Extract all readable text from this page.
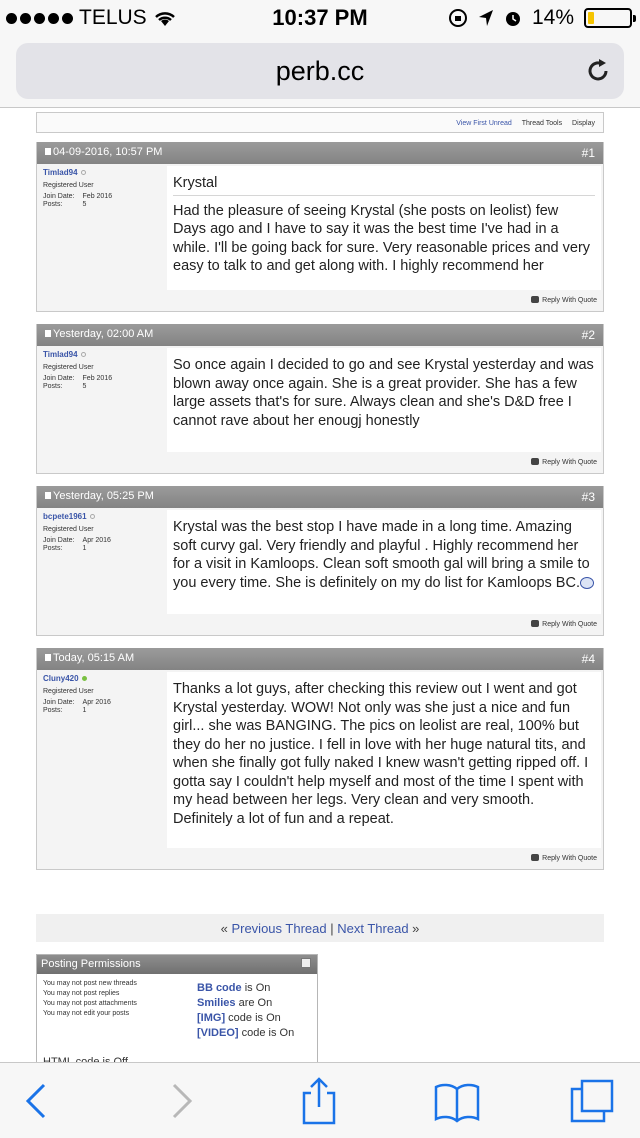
TELUS	10:37 PM	14%
perb.cc
View First Unread Thread Tools Display
04-09-2016, 10:57 PM	#1
Timlad94
Registered User
Join Date:	Feb 2016
Posts:	5
Krystal
Had the pleasure of seeing Krystal (she posts on leolist) few Days ago and I have to say it was the best time I've had in a while. I'll be going back for sure. Very reasonable prices and very easy to talk to and get along with. I highly recommend her
Reply With Quote
Yesterday, 02:00 AM	#2
Timlad94
Registered User
Join Date:	Feb 2016
Posts:	5
So once again I decided to go and see Krystal yesterday and was blown away once again. She is a great provider. She has a few large assets that's for sure. Always clean and she's D&D free I cannot rave about her enougj honestly
Reply With Quote
Yesterday, 05:25 PM	#3
bcpete1961
Registered User
Join Date:	Apr 2016
Posts:	1
Krystal was the best stop I have made in a long time. Amazing soft curvy gal. Very friendly and playful . Highly recommend her for a visit in Kamloops. Clean soft smooth gal will bring a smile to you every time. She is definitely on my do list for Kamloops BC.
Reply With Quote
Today, 05:15 AM	#4
Cluny420
Registered User
Join Date:	Apr 2016
Posts:	1
Thanks a lot guys, after checking this review out I went and got Krystal yesterday. WOW! Not only was she just a nice and fun girl... she was BANGING. The pics on leolist are real, 100% but they do her no justice. I fell in love with her huge natural tits, and when she finally got fully naked I knew wasn't getting ripped off. I gotta say I couldn't help myself and most of the time I spent with my head between her legs. Very clean and very smooth. Definitely a lot of fun and a repeat.
Reply With Quote
« Previous Thread | Next Thread »
Posting Permissions
You may not post new threads
You may not post replies
You may not post attachments
You may not edit your posts
BB code is On
Smilies are On
[IMG] code is On
[VIDEO] code is On
